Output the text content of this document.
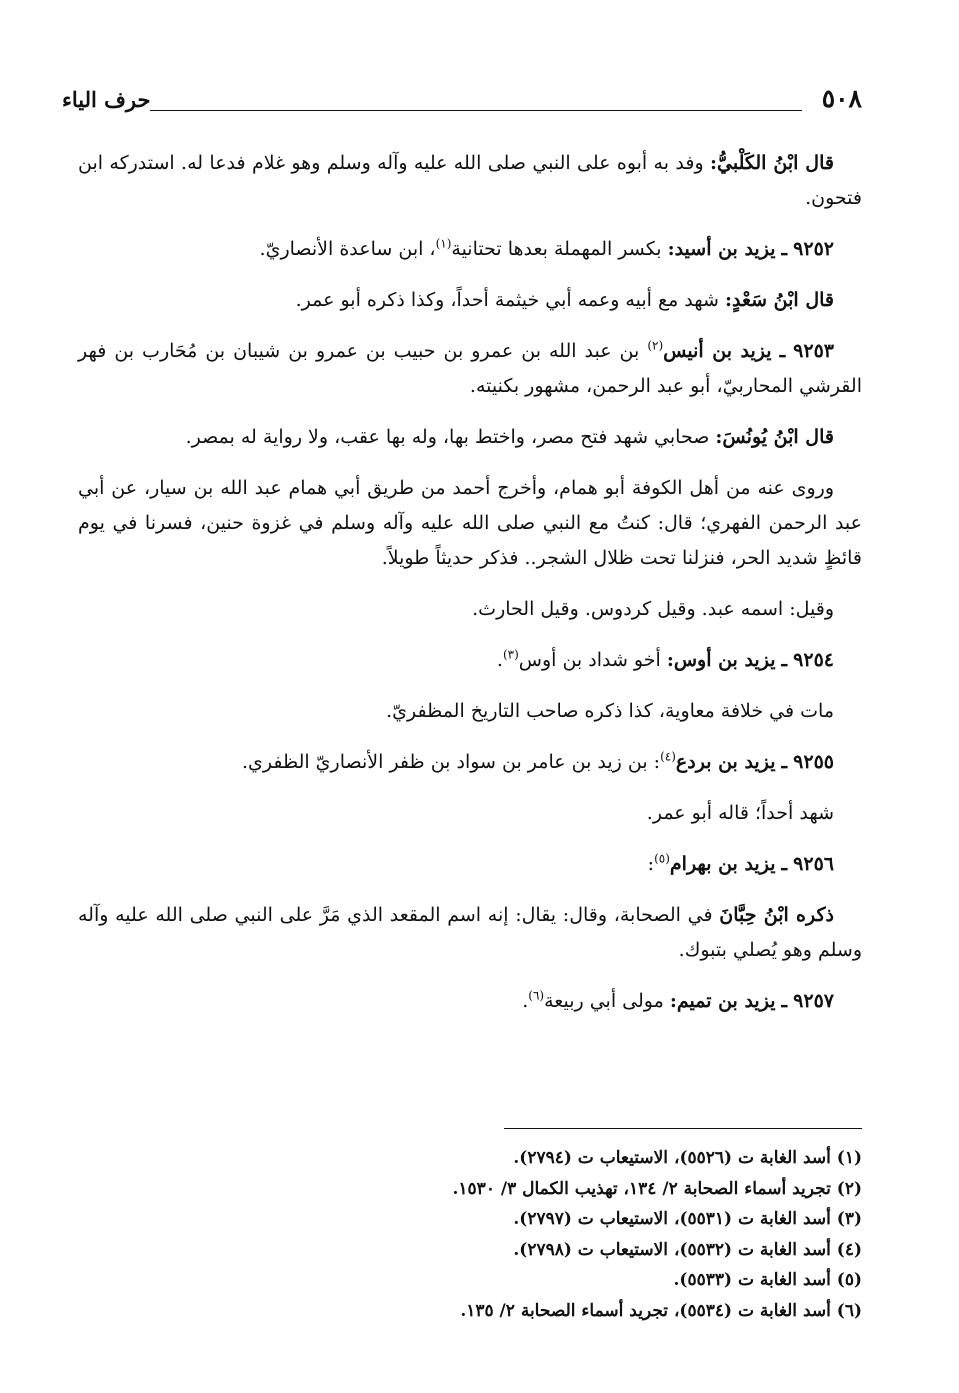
٥٠٨
حرف الياء

قال ابْنُ الكَلْبيُّ: وفد به أبوه على النبي صلى الله عليه وآله وسلم وهو غلام فدعا له. استدركه ابن فتحون.

٩٢٥٢ ـ يزيد بن أسيد: بكسر المهملة بعدها تحتانية$^{(١)}$، ابن ساعدة الأنصاريّ.

قال ابْنُ سَعْدٍ: شهد مع أبيه وعمه أبي خيثمة أحداً، وكذا ذكره أبو عمر.

٩٢٥٣ ـ يزيد بن أنيس$^{(٢)}$ بن عبد الله بن عمرو بن حبيب بن عمرو بن شيبان بن مُحَارب بن فهر القرشي المحاربيّ، أبو عبد الرحمن، مشهور بكنيته.

قال ابْنُ يُونُسَ: صحابي شهد فتح مصر، واختط بها، وله بها عقب، ولا رواية له بمصر.

وروى عنه من أهل الكوفة أبو همام، وأخرج أحمد من طريق أبي همام عبد الله بن سيار، عن أبي عبد الرحمن الفهري؛ قال: كنتُ مع النبي صلى الله عليه وآله وسلم في غزوة حنين، فسرنا في يوم قائظٍ شديد الحر، فنزلنا تحت ظلال الشجر.. فذكر حديثاً طويلاً.

وقيل: اسمه عبد. وقيل كردوس. وقيل الحارث.

٩٢٥٤ ـ يزيد بن أوس: أخو شداد بن أوس$^{(٣)}$.

مات في خلافة معاوية، كذا ذكره صاحب التاريخ المظفريّ.

٩٢٥٥ ـ يزيد بن بردع$^{(٤)}$: بن زيد بن عامر بن سواد بن ظفر الأنصاريّ الظفري.

شهد أحداً؛ قاله أبو عمر.

٩٢٥٦ ـ يزيد بن بهرام$^{(٥)}$:

ذكره ابْنُ حِبَّانَ في الصحابة، وقال: يقال: إنه اسم المقعد الذي مَرَّ على النبي صلى الله عليه وآله وسلم وهو يُصلي بتبوك.

٩٢٥٧ ـ يزيد بن تميم: مولى أبي ربيعة$^{(٦)}$.

(١) أسد الغابة ت (٥٥٢٦)، الاستيعاب ت (٢٧٩٤).

(٢) تجريد أسماء الصحابة ٢/ ١٣٤، تهذيب الكمال ٣/ ١٥٣٠.

(٣) أسد الغابة ت (٥٥٣١)، الاستيعاب ت (٢٧٩٧).

(٤) أسد الغابة ت (٥٥٣٢)، الاستيعاب ت (٢٧٩٨).

(٥) أسد الغابة ت (٥٥٣٣).

(٦) أسد الغابة ت (٥٥٣٤)، تجريد أسماء الصحابة ٢/ ١٣٥.
